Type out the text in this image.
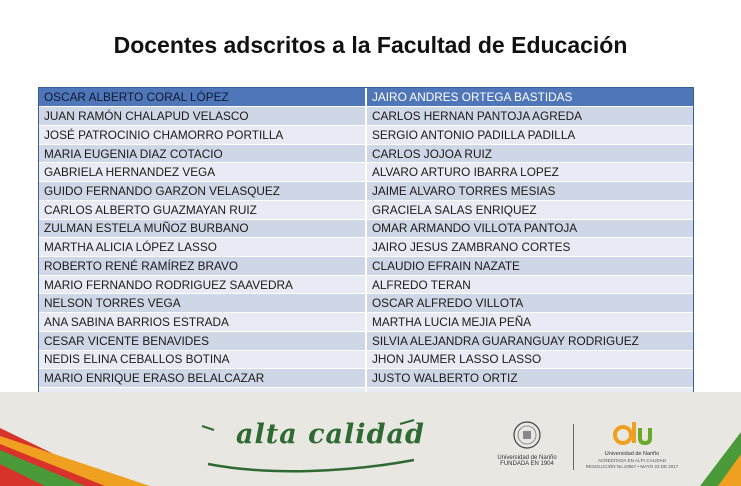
Docentes adscritos a la Facultad de Educación
OSCAR ALBERTO CORAL LÓPEZ	JAIRO ANDRES ORTEGA BASTIDAS
JUAN RAMÓN CHALAPUD VELASCO	CARLOS HERNAN PANTOJA AGREDA
JOSÉ PATROCINIO CHAMORRO PORTILLA	SERGIO ANTONIO PADILLA PADILLA
MARIA EUGENIA DIAZ COTACIO	CARLOS JOJOA RUIZ
GABRIELA HERNANDEZ VEGA	ALVARO ARTURO IBARRA LOPEZ
GUIDO FERNANDO GARZON VELASQUEZ	JAIME ALVARO TORRES MESIAS
CARLOS ALBERTO GUAZMAYAN RUIZ	GRACIELA SALAS ENRIQUEZ
ZULMAN ESTELA MUÑOZ BURBANO	OMAR ARMANDO VILLOTA PANTOJA
MARTHA ALICIA LÓPEZ LASSO	JAIRO JESUS ZAMBRANO CORTES
ROBERTO RENÉ RAMÍREZ BRAVO	CLAUDIO EFRAIN NAZATE
MARIO FERNANDO RODRIGUEZ SAAVEDRA	ALFREDO TERAN
NELSON TORRES VEGA	OSCAR ALFREDO VILLOTA
ANA SABINA BARRIOS ESTRADA	MARTHA LUCIA MEJIA PEÑA
CESAR VICENTE BENAVIDES	SILVIA ALEJANDRA GUARANGUAY RODRIGUEZ
NEDIS ELINA CEBALLOS BOTINA	JHON JAUMER LASSO LASSO
MARIO ENRIQUE ERASO BELALCAZAR	JUSTO WALBERTO ORTIZ

alta calidad
Universidad de Nariño
FUNDADA EN 1904
Universidad de Nariño
ACREDITADA EN ALTA CALIDAD
RESOLUCIÓN No.10567 • MAYO 23 DE 2017
